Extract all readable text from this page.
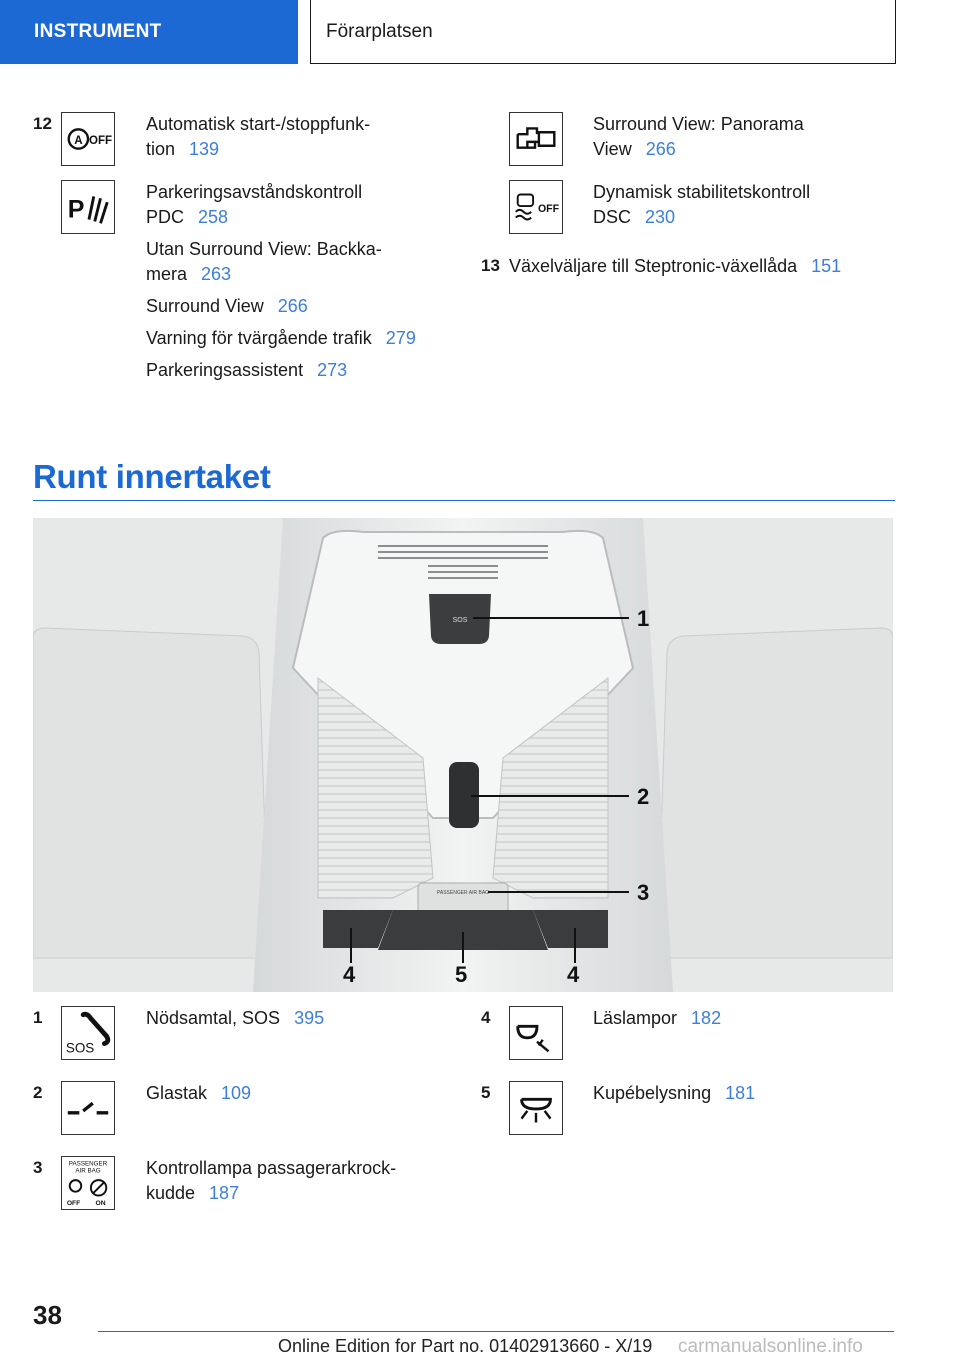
INSTRUMENT	Förarplatsen
12
A OFF
Automatisk start-/stoppfunk-
tion 139
P
Parkeringsavståndskontroll
PDC 258
Utan Surround View: Backka-
mera 263
Surround View 266
Varning för tvärgående trafik 279
Parkeringsassistent 273
Surround View: Panorama
View 266
OFF
Dynamisk stabilitetskontroll
DSC 230
13 Växelväljare till Steptronic-växellåda 151
Runt innertaket
SOS
PASSENGER AIR BAG
1
2
3
4	5	4
1
SOS
Nödsamtal, SOS 395
2	Glastak 109
3	PASSENGER
AIR BAG
OFF ON
Kontrollampa passagerarkrock-
kudde 187
4	Läslampor 182
5	Kupébelysning 181
38
Online Edition for Part no. 01402913660 - X/19 carmanualsonline.info
